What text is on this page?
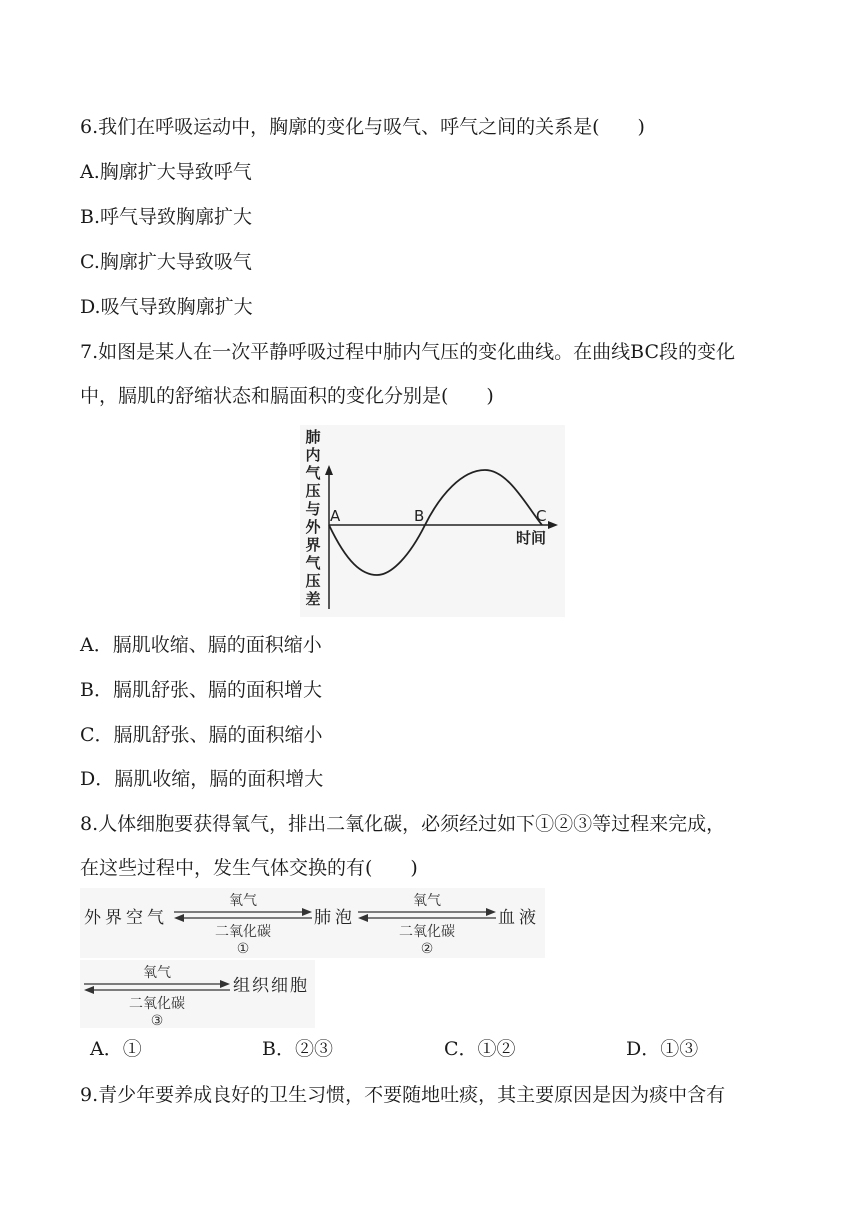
6.我们在呼吸运动中，胸廓的变化与吸气、呼气之间的关系是(　　)
A.胸廓扩大导致呼气
B.呼气导致胸廓扩大
C.胸廓扩大导致吸气
D.吸气导致胸廓扩大
7.如图是某人在一次平静呼吸过程中肺内气压的变化曲线。在曲线BC段的变化
中，膈肌的舒缩状态和膈面积的变化分别是(　　)
肺
内
气
压
与
外
界
气
压
差
A	B	C
时间
A．膈肌收缩、膈的面积缩小
B．膈肌舒张、膈的面积增大
C．膈肌舒张、膈的面积缩小
D．膈肌收缩，膈的面积增大
8.人体细胞要获得氧气，排出二氧化碳，必须经过如下①②③等过程来完成，
在这些过程中，发生气体交换的有(　　)
外界空气	肺泡	血液
氧气
二氧化碳
①
氧气
二氧化碳
②
氧气
二氧化碳
③
组织细胞
A．①	B．②③	C．①②	D．①③
9.青少年要养成良好的卫生习惯，不要随地吐痰，其主要原因是因为痰中含有
